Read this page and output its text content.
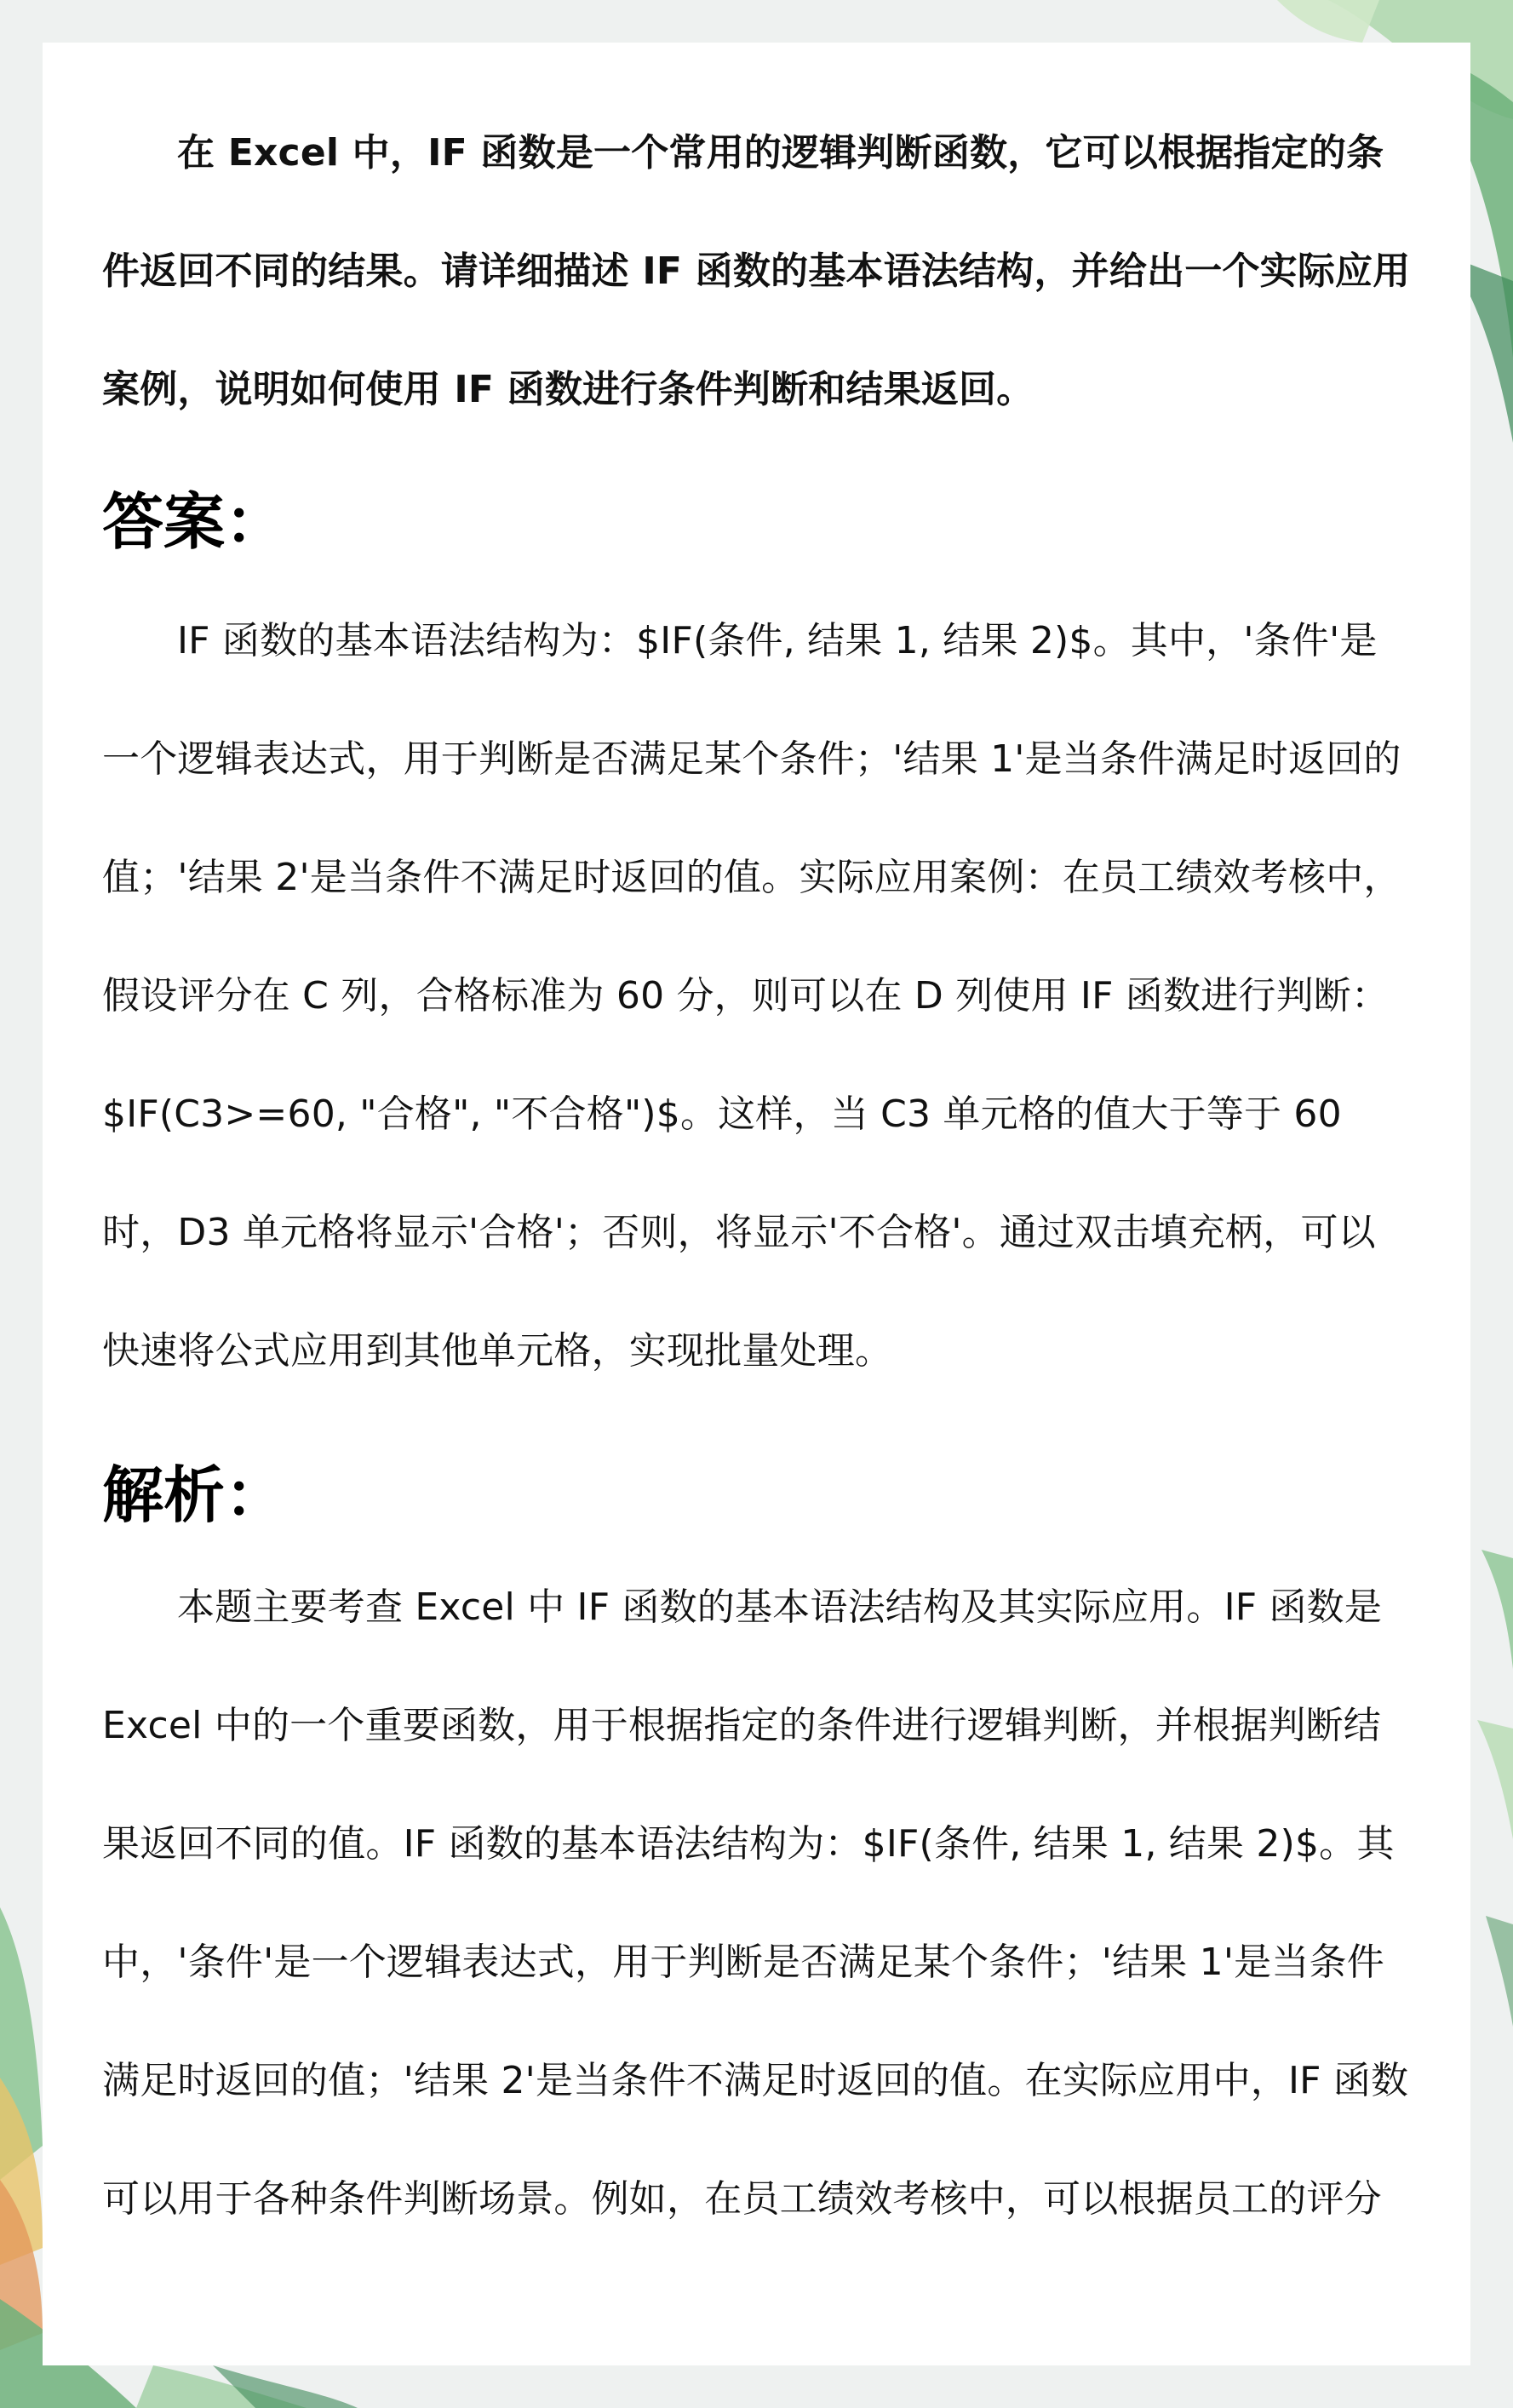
在 Excel 中，IF 函数是一个常用的逻辑判断函数，它可以根据指定的条件返回不同的结果。请详细描述 IF 函数的基本语法结构，并给出一个实际应用案例，说明如何使用 IF 函数进行条件判断和结果返回。

答案：

IF 函数的基本语法结构为：$IF(条件, 结果 1, 结果 2)$。其中，'条件'是一个逻辑表达式，用于判断是否满足某个条件；'结果 1'是当条件满足时返回的值；'结果 2'是当条件不满足时返回的值。实际应用案例：在员工绩效考核中，假设评分在 C 列，合格标准为 60 分，则可以在 D 列使用 IF 函数进行判断：$IF(C3>=60, "合格", "不合格")$。这样，当 C3 单元格的值大于等于 60 时，D3 单元格将显示'合格'；否则，将显示'不合格'。通过双击填充柄，可以快速将公式应用到其他单元格，实现批量处理。

解析：

本题主要考查 Excel 中 IF 函数的基本语法结构及其实际应用。IF 函数是 Excel 中的一个重要函数，用于根据指定的条件进行逻辑判断，并根据判断结果返回不同的值。IF 函数的基本语法结构为：$IF(条件, 结果 1, 结果 2)$。其中，'条件'是一个逻辑表达式，用于判断是否满足某个条件；'结果 1'是当条件满足时返回的值；'结果 2'是当条件不满足时返回的值。在实际应用中，IF 函数可以用于各种条件判断场景。例如，在员工绩效考核中，可以根据员工的评分
